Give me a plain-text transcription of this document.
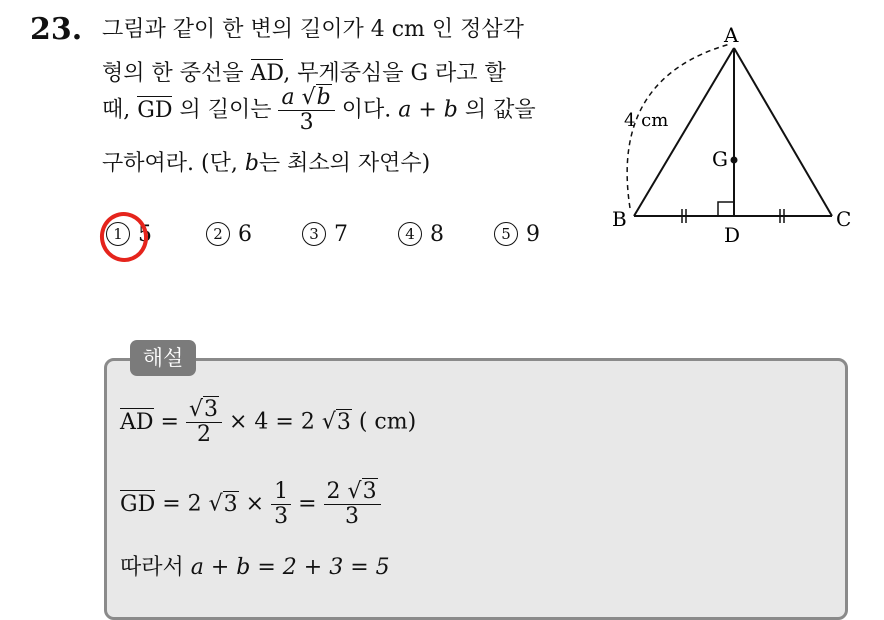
23. 그림과 같이 한 변의 길이가 4 cm 인 정삼각
형의 한 중선을 AD, 무게중심을 G 라고 할
때, GD 의 길이는 $\frac{a √b}{3}$ 이다. a + b 의 값을
구하여라. (단, b는 최소의 자연수)
1 5	2 6	3 7	4 8	5 9
A
B	C
D
G
4 cm
해설
AD = $\frac{√3}{2} \times 4 = 2$ √3 ( cm)
GD = 2 $√3 \times \frac{1}{3} = \frac{2 √3}{3}$
따라서 a + b = 2 + 3 = 5
